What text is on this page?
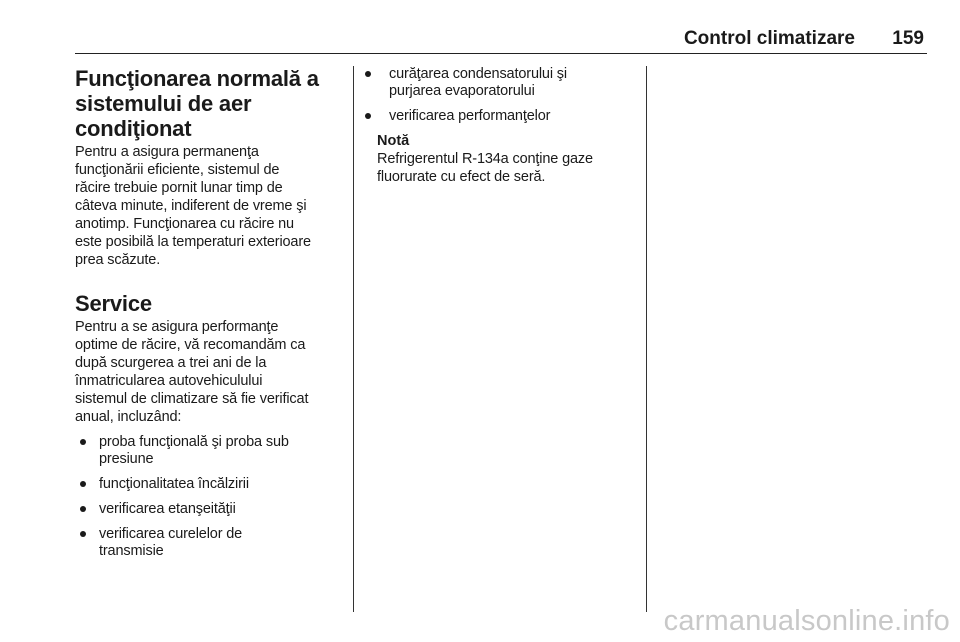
Control climatizare 159
Funcţionarea normală a
sistemului de aer
condiţionat

Pentru a asigura permanenţa
funcţionării eficiente, sistemul de
răcire trebuie pornit lunar timp de
câteva minute, indiferent de vreme şi
anotimp. Funcţionarea cu răcire nu
este posibilă la temperaturi exterioare
prea scăzute.

Service

Pentru a se asigura performanţe
optime de răcire, vă recomandăm ca
după scurgerea a trei ani de la
înmatricularea autovehiculului
sistemul de climatizare să fie verificat
anual, incluzând:

proba funcţională şi proba sub
presiune
funcţionalitatea încălzirii
verificarea etanşeităţii
verificarea curelelor de
transmisie
curăţarea condensatorului şi
purjarea evaporatorului
verificarea performanţelor
Notă
Refrigerentul R-134a conţine gaze
fluorurate cu efect de seră.
carmanualsonline.info
